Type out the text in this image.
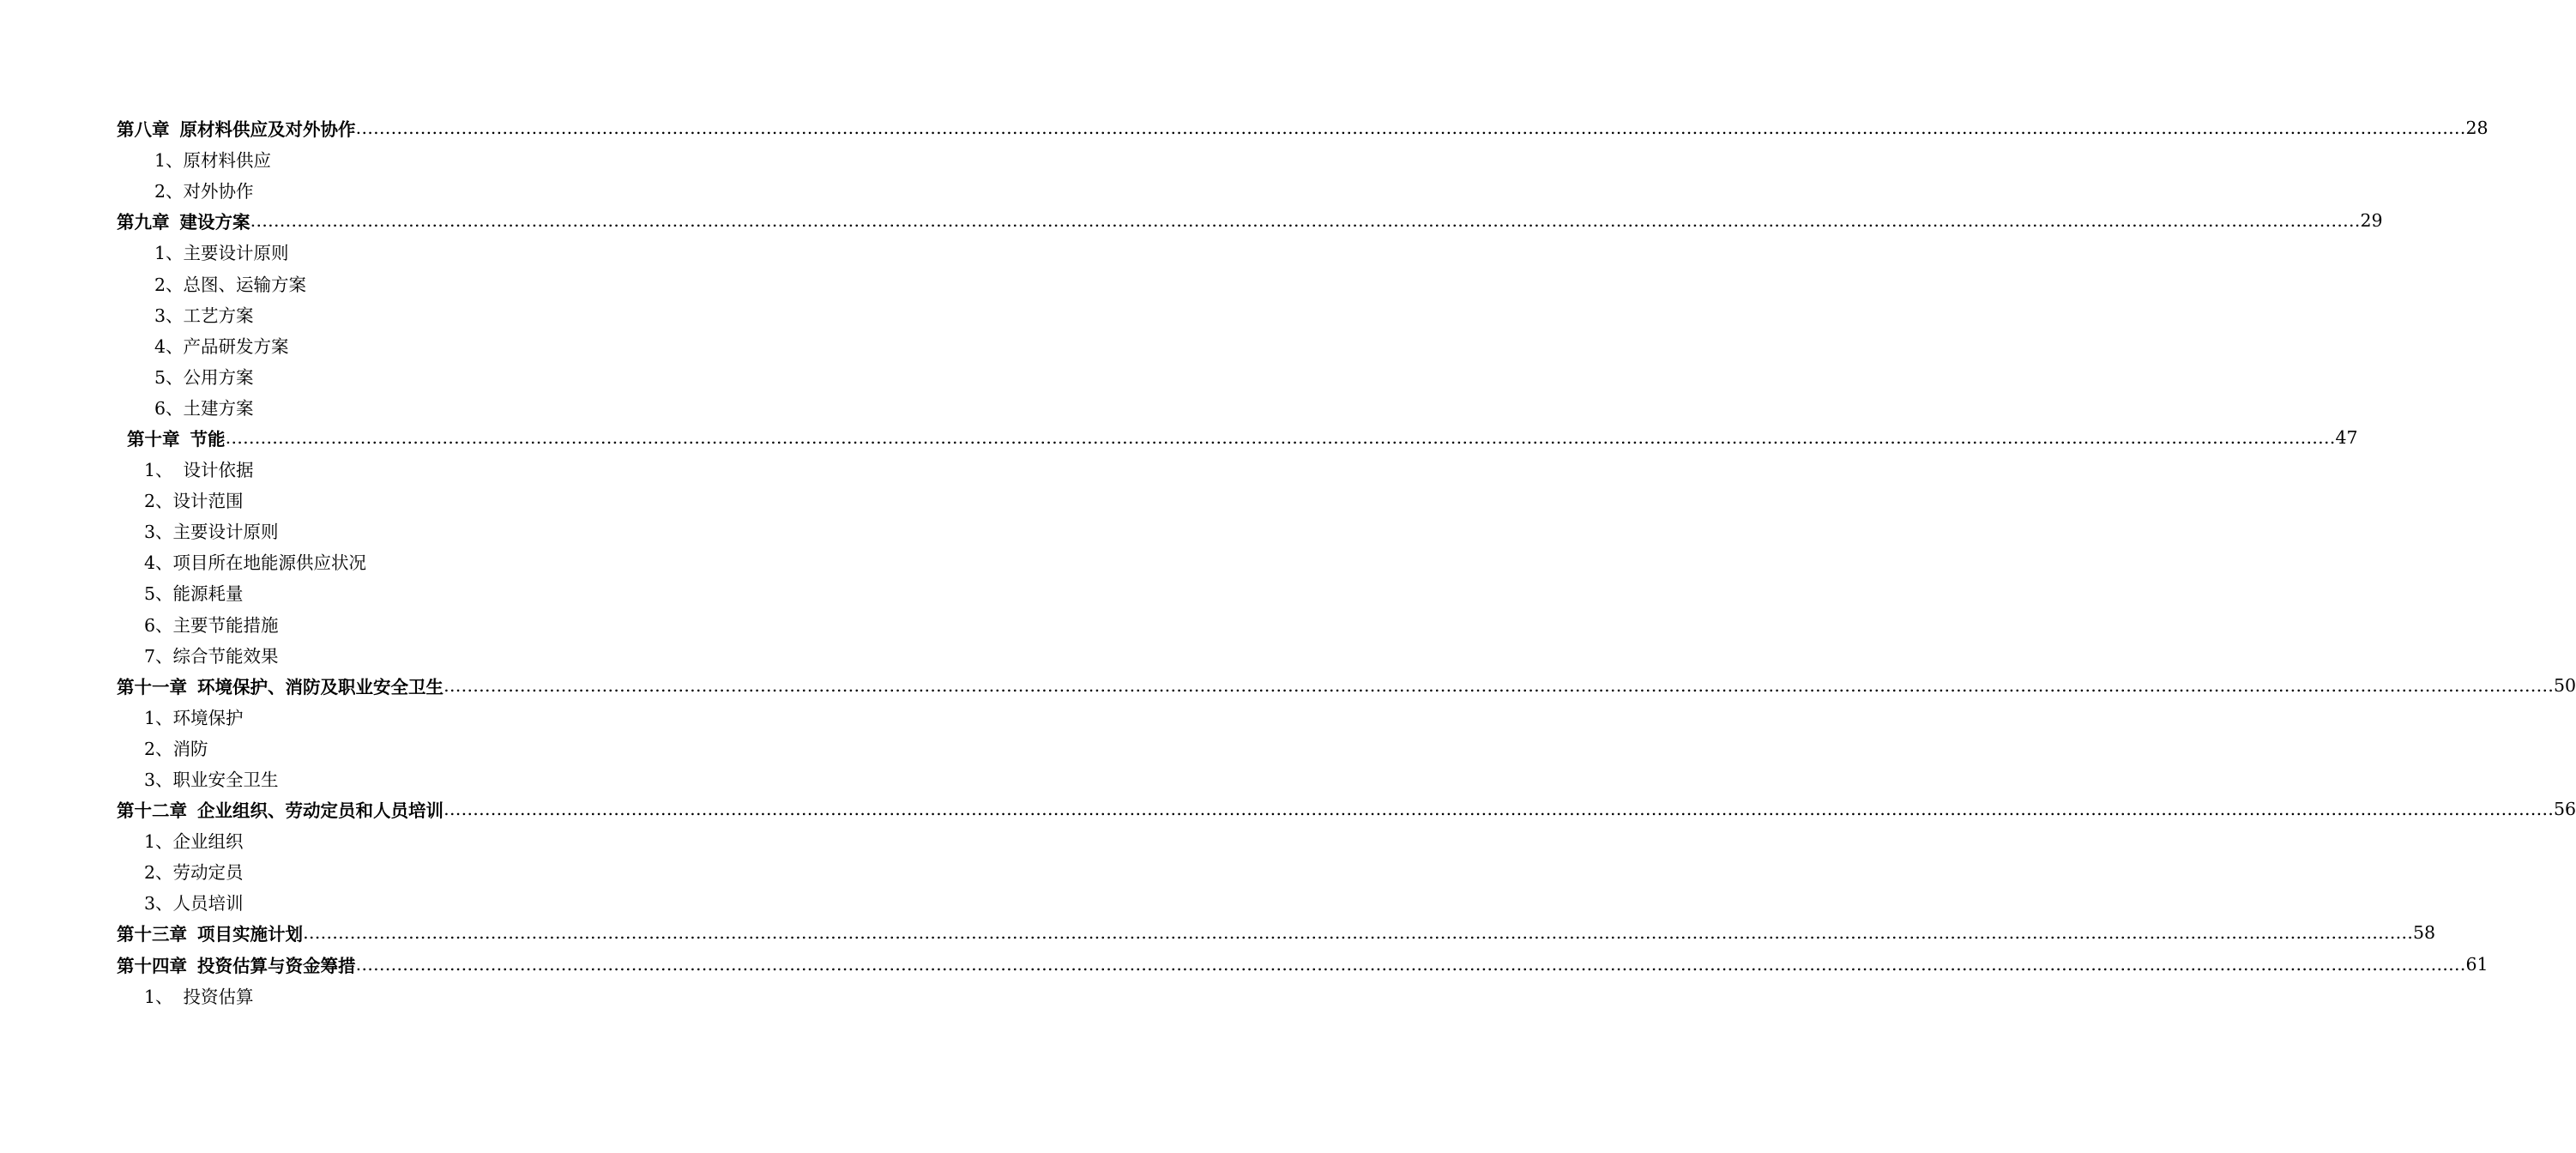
第八章 原材料供应及对外协作 ……………………………………………………………………………………………………………………………………………………………………………………………………………………………………………………………………………………………………………………………… 28
1、 原材料供应
2、 对外协作
第九章 建设方案 ……………………………………………………………………………………………………………………………………………………………………………………………………………………………………………………………………………………………………………………………… 29
1、 主要设计原则
2、 总图、运输方案
3、 工艺方案
4、 产品研发方案
5、 公用方案
6、 土建方案
第十章 节能 ……………………………………………………………………………………………………………………………………………………………………………………………………………………………………………………………………………………………………………………………… 47
1、 设计依据
2、 设计范围
3、 主要设计原则
4、 项目所在地能源供应状况
5、 能源耗量
6、 主要节能措施
7、 综合节能效果
第十一章 环境保护、消防及职业安全卫生 ……………………………………………………………………………………………………………………………………………………………………………………………………………………………………………………………………………………………………………………………… 50
1、 环境保护
2、 消防
3、 职业安全卫生
第十二章 企业组织、劳动定员和人员培训 ……………………………………………………………………………………………………………………………………………………………………………………………………………………………………………………………………………………………………………………………… 56
1、 企业组织
2、 劳动定员
3、 人员培训
第十三章 项目实施计划 ……………………………………………………………………………………………………………………………………………………………………………………………………………………………………………………………………………………………………………………………… 58
第十四章 投资估算与资金筹措 ……………………………………………………………………………………………………………………………………………………………………………………………………………………………………………………………………………………………………………………………… 61
1、 投资估算
